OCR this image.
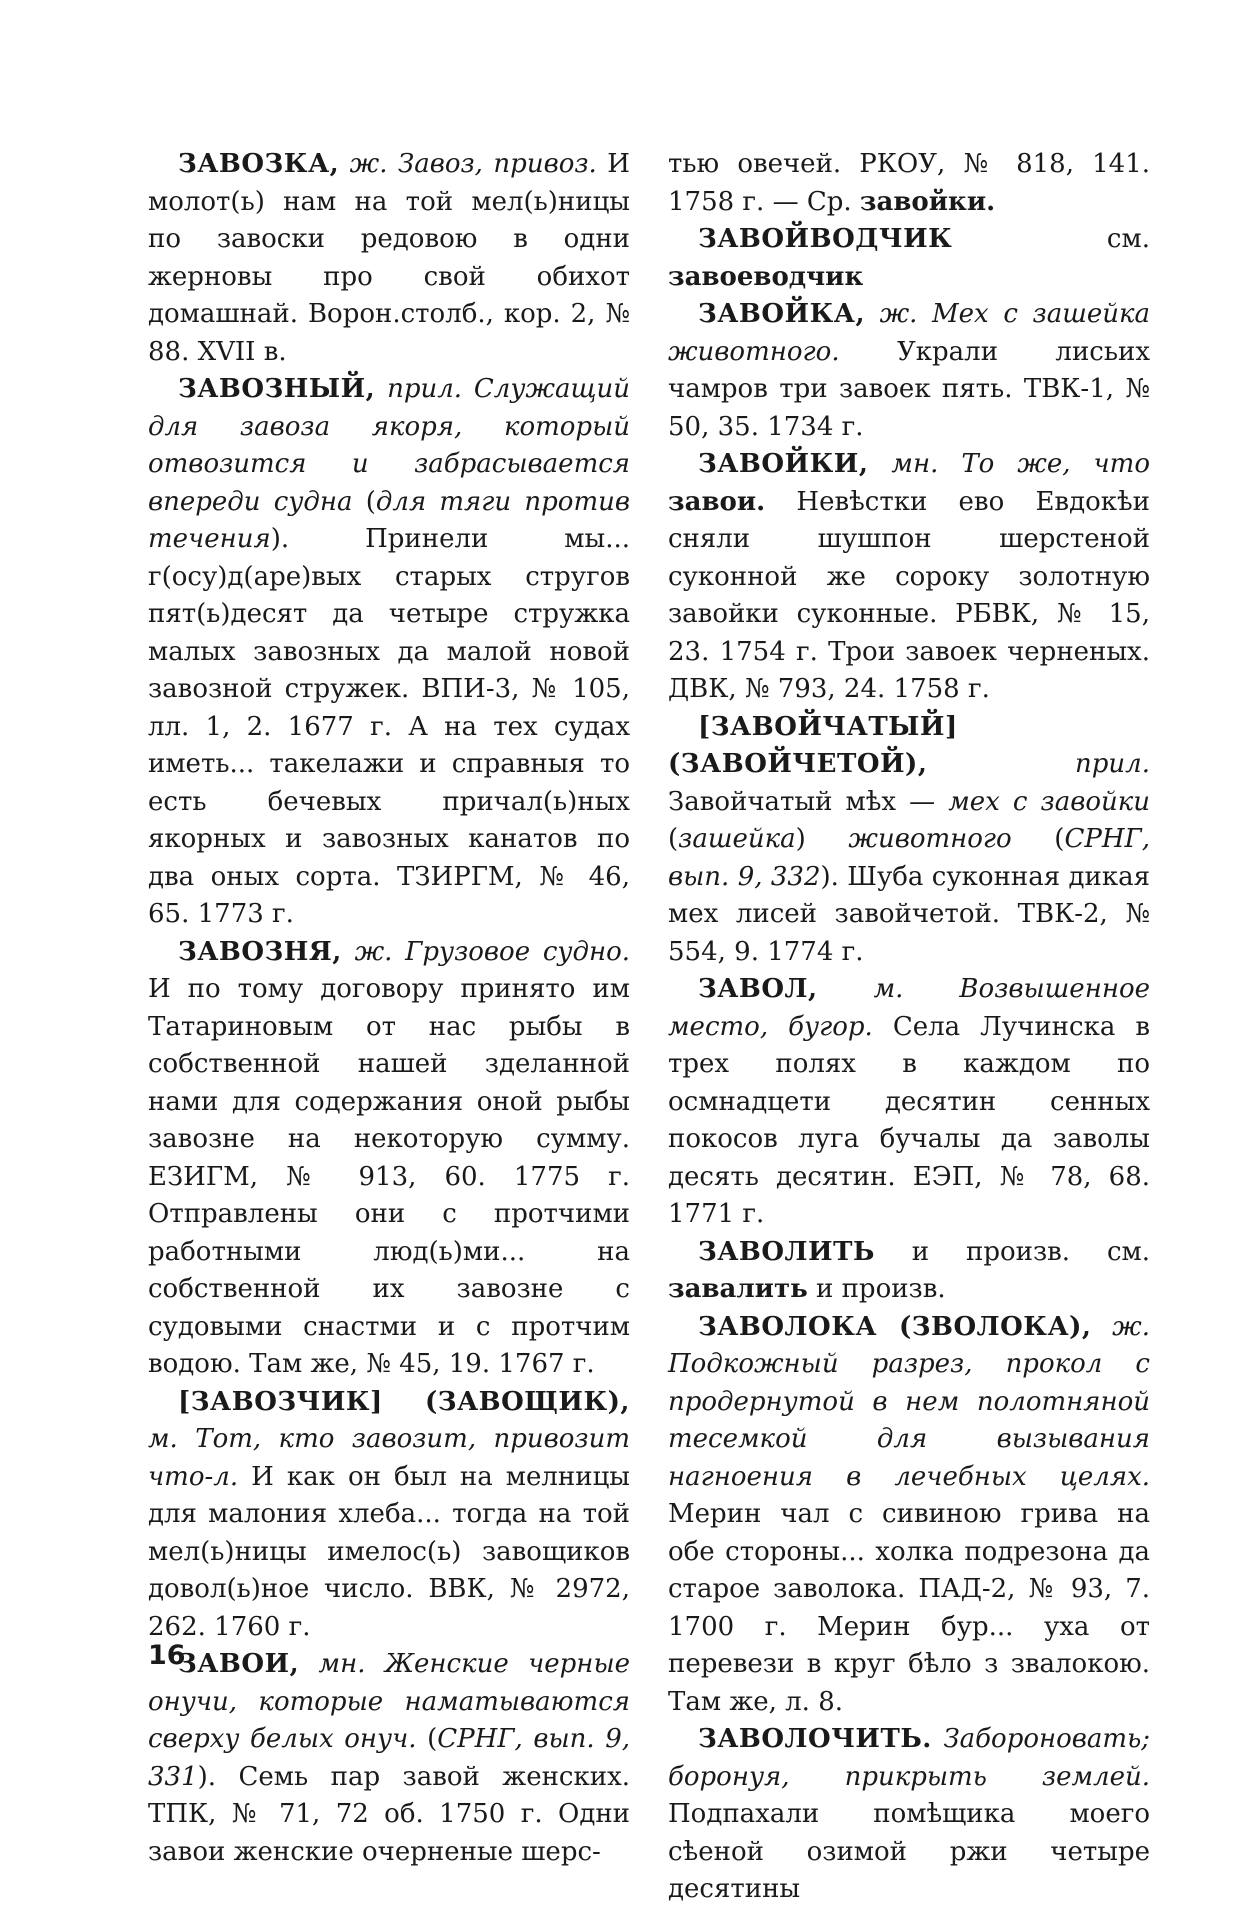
ЗАВОЗКА, ж. Завоз, привоз. И молот(ь) нам на той мел(ь)ницы по завоски редовою в одни жерновы про свой обихот домашнай. Ворон.столб., кор. 2, № 88. XVII в.

ЗАВОЗНЫЙ, прил. Служащий для завоза якоря, который отвозится и забрасывается впереди судна (для тяги против течения). Принели мы... г(осу)д(аре)вых старых стругов пят(ь)десят да четыре стружка малых завозных да малой новой завозной стружек. ВПИ-3, № 105, лл. 1, 2. 1677 г. А на тех судах иметь... такелажи и справныя то есть бечевых причал(ь)ных якорных и завозных канатов по два оных сорта. ТЗИРГМ, № 46, 65. 1773 г.

ЗАВОЗНЯ, ж. Грузовое судно. И по тому договору принято им Татариновым от нас рыбы в собственной нашей зделанной нами для содержания оной рыбы завозне на некоторую сумму. ЕЗИГМ, № 913, 60. 1775 г. Отправлены они с протчими работными люд(ь)ми... на собственной их завозне с судовыми снастми и с протчим водою. Там же, № 45, 19. 1767 г.

[ЗАВОЗЧИК] (ЗАВОЩИК), м. Тот, кто завозит, привозит что-л. И как он был на мелницы для малония хлеба... тогда на той мел(ь)ницы имелос(ь) завощиков довол(ь)ное число. ВВК, № 2972, 262. 1760 г.

ЗАВОИ, мн. Женские черные онучи, которые наматываются сверху белых онуч. (СРНГ, вып. 9, 331). Семь пар завой женских. ТПК, № 71, 72 об. 1750 г. Одни завои женские очерненые шерс-

тью овечей. РКОУ, № 818, 141. 1758 г. — Ср. завойки.

ЗАВОЙВОДЧИК см. завоеводчик

ЗАВОЙКА, ж. Мех с зашейка животного. Украли лисьих чамров три завоек пять. ТВК-1, № 50, 35. 1734 г.

ЗАВОЙКИ, мн. То же, что завои. Невѣстки ево Евдокѣи сняли шушпон шерстеной суконной же сороку золотную завойки суконные. РБВК, № 15, 23. 1754 г. Трои завоек черненых. ДВК, № 793, 24. 1758 г.

[ЗАВОЙЧАТЫЙ] (ЗАВОЙЧЕТОЙ), прил. Завойчатый мѣх — мех с завойки (зашейка) животного (СРНГ, вып. 9, 332). Шуба суконная дикая мех лисей завойчетой. ТВК-2, № 554, 9. 1774 г.

ЗАВОЛ, м. Возвышенное место, бугор. Села Лучинска в трех полях в каждом по осмнадцети десятин сенных покосов луга бучалы да заволы десять десятин. ЕЭП, № 78, 68. 1771 г.

ЗАВОЛИТЬ и произв. см. завалить и произв.

ЗАВОЛОКА (ЗВОЛОКА), ж. Подкожный разрез, прокол с продернутой в нем полотняной тесемкой для вызывания нагноения в лечебных целях. Мерин чал с сивиною грива на обе стороны... холка подрезона да старое заволока. ПАД-2, № 93, 7. 1700 г. Мерин бур... уха от перевези в круг бѣло з звалокою. Там же, л. 8.

ЗАВОЛОЧИТЬ. Забороновать; боронуя, прикрыть землей. Подпахали помѣщика моего сѣеной озимой ржи четыре десятины

16
